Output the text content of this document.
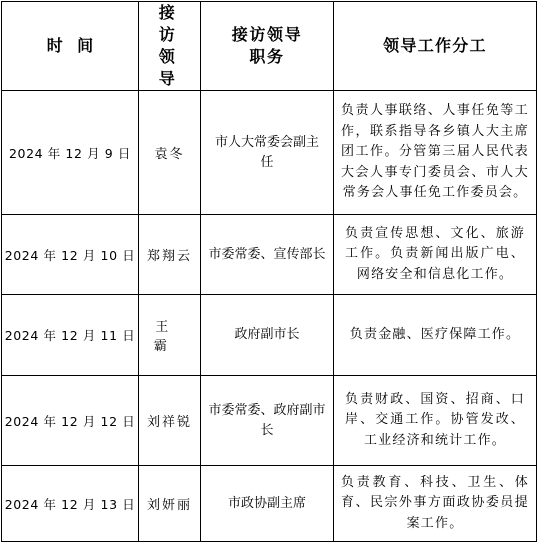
时间	接访领导	接访领导职务	领导工作分工
2024 年 12 月 9 日	袁冬	市人大常委会副主任	负责人事联络、人事任免等工作，联系指导各乡镇人大主席团工作。分管第三届人民代表大会人事专门委员会、市人大常务会人事任免工作委员会。
2024 年 12 月 10 日	郑翔云	市委常委、宣传部长	负责宣传思想、文化、旅游工作。负责新闻出版广电、网络安全和信息化工作。
2024 年 12 月 11 日	王 霸	政府副市长	负责金融、医疗保障工作。
2024 年 12 月 12 日	刘祥锐	市委常委、政府副市长	负责财政、国资、招商、口岸、交通工作。协管发改、工业经济和统计工作。
2024 年 12 月 13 日	刘妍丽	市政协副主席	负责教育、科技、卫生、体育、民宗外事方面政协委员提案工作。
